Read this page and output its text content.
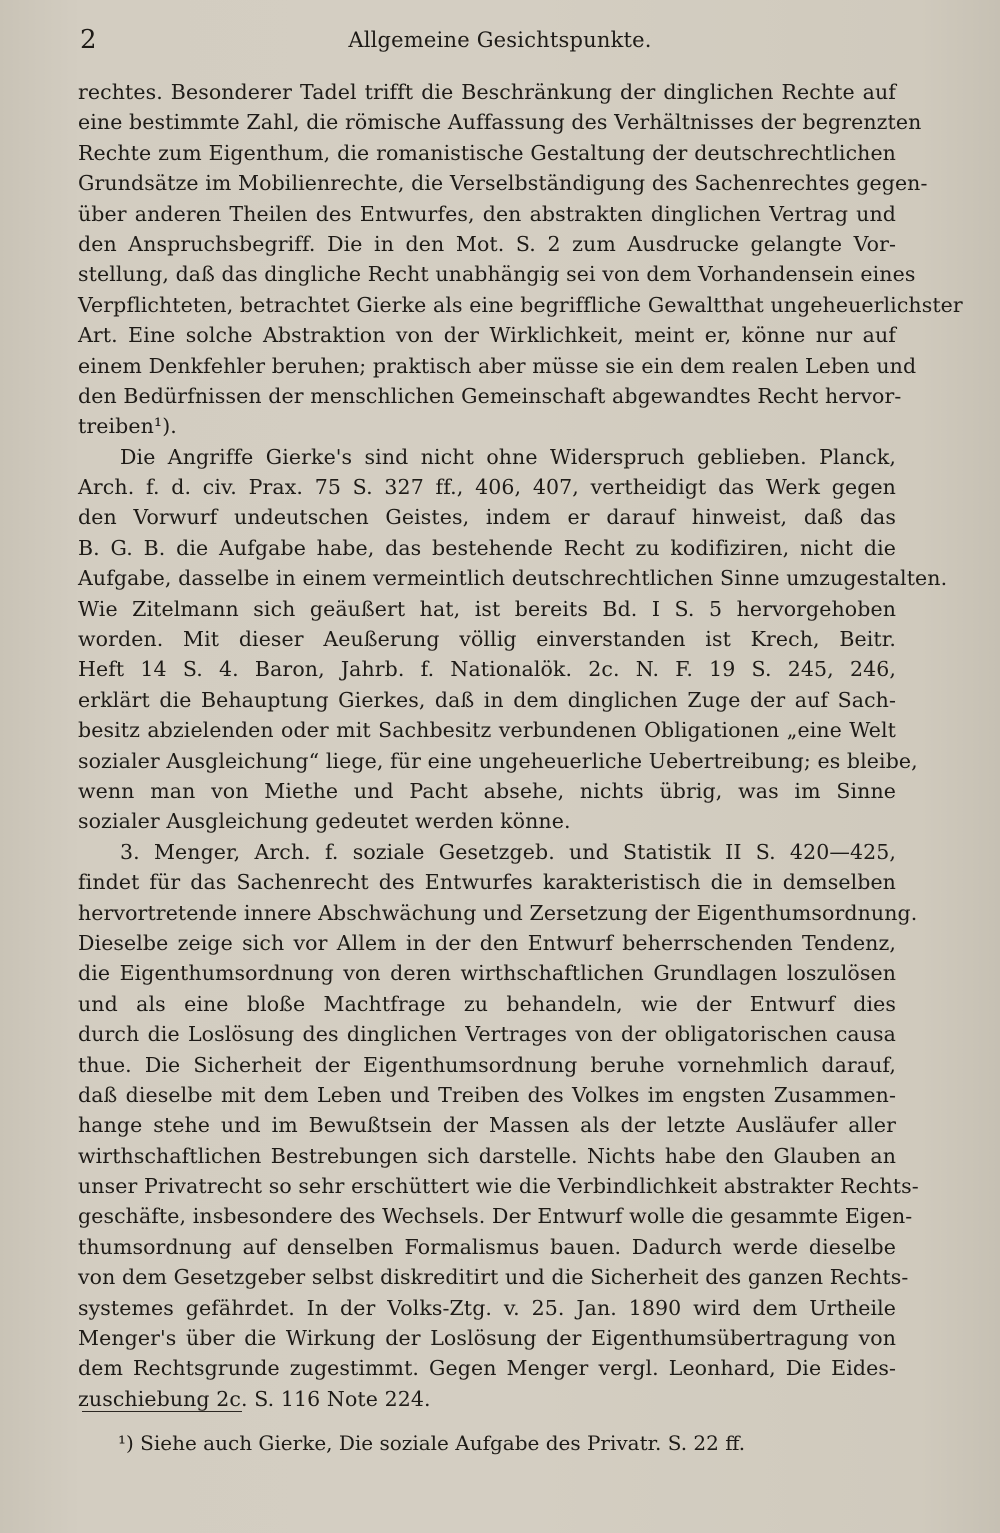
2	Allgemeine Gesichtspunkte.
rechtes. Besonderer Tadel trifft die Beschränkung der dinglichen Rechte auf
eine bestimmte Zahl, die römische Auffassung des Verhältnisses der begrenzten
Rechte zum Eigenthum, die romanistische Gestaltung der deutschrechtlichen
Grundsätze im Mobilienrechte, die Verselbständigung des Sachenrechtes gegen-
über anderen Theilen des Entwurfes, den abstrakten dinglichen Vertrag und
den Anspruchsbegriff. Die in den Mot. S. 2 zum Ausdrucke gelangte Vor-
stellung, daß das dingliche Recht unabhängig sei von dem Vorhandensein eines
Verpflichteten, betrachtet Gierke als eine begriffliche Gewaltthat ungeheuerlichster
Art. Eine solche Abstraktion von der Wirklichkeit, meint er, könne nur auf
einem Denkfehler beruhen; praktisch aber müsse sie ein dem realen Leben und
den Bedürfnissen der menschlichen Gemeinschaft abgewandtes Recht hervor-
treiben¹).
Die Angriffe Gierke's sind nicht ohne Widerspruch geblieben. Planck,
Arch. f. d. civ. Prax. 75 S. 327 ff., 406, 407, vertheidigt das Werk gegen
den Vorwurf undeutschen Geistes, indem er darauf hinweist, daß das
B. G. B. die Aufgabe habe, das bestehende Recht zu kodifiziren, nicht die
Aufgabe, dasselbe in einem vermeintlich deutschrechtlichen Sinne umzugestalten.
Wie Zitelmann sich geäußert hat, ist bereits Bd. I S. 5 hervorgehoben
worden. Mit dieser Aeußerung völlig einverstanden ist Krech, Beitr.
Heft 14 S. 4. Baron, Jahrb. f. Nationalök. 2c. N. F. 19 S. 245, 246,
erklärt die Behauptung Gierkes, daß in dem dinglichen Zuge der auf Sach-
besitz abzielenden oder mit Sachbesitz verbundenen Obligationen „eine Welt
sozialer Ausgleichung“ liege, für eine ungeheuerliche Uebertreibung; es bleibe,
wenn man von Miethe und Pacht absehe, nichts übrig, was im Sinne
sozialer Ausgleichung gedeutet werden könne.
3. Menger, Arch. f. soziale Gesetzgeb. und Statistik II S. 420—425,
findet für das Sachenrecht des Entwurfes karakteristisch die in demselben
hervortretende innere Abschwächung und Zersetzung der Eigenthumsordnung.
Dieselbe zeige sich vor Allem in der den Entwurf beherrschenden Tendenz,
die Eigenthumsordnung von deren wirthschaftlichen Grundlagen loszulösen
und als eine bloße Machtfrage zu behandeln, wie der Entwurf dies
durch die Loslösung des dinglichen Vertrages von der obligatorischen causa
thue. Die Sicherheit der Eigenthumsordnung beruhe vornehmlich darauf,
daß dieselbe mit dem Leben und Treiben des Volkes im engsten Zusammen-
hange stehe und im Bewußtsein der Massen als der letzte Ausläufer aller
wirthschaftlichen Bestrebungen sich darstelle. Nichts habe den Glauben an
unser Privatrecht so sehr erschüttert wie die Verbindlichkeit abstrakter Rechts-
geschäfte, insbesondere des Wechsels. Der Entwurf wolle die gesammte Eigen-
thumsordnung auf denselben Formalismus bauen. Dadurch werde dieselbe
von dem Gesetzgeber selbst diskreditirt und die Sicherheit des ganzen Rechts-
systemes gefährdet. In der Volks-Ztg. v. 25. Jan. 1890 wird dem Urtheile
Menger's über die Wirkung der Loslösung der Eigenthumsübertragung von
dem Rechtsgrunde zugestimmt. Gegen Menger vergl. Leonhard, Die Eides-
zuschiebung 2c. S. 116 Note 224.
¹) Siehe auch Gierke, Die soziale Aufgabe des Privatr. S. 22 ff.
